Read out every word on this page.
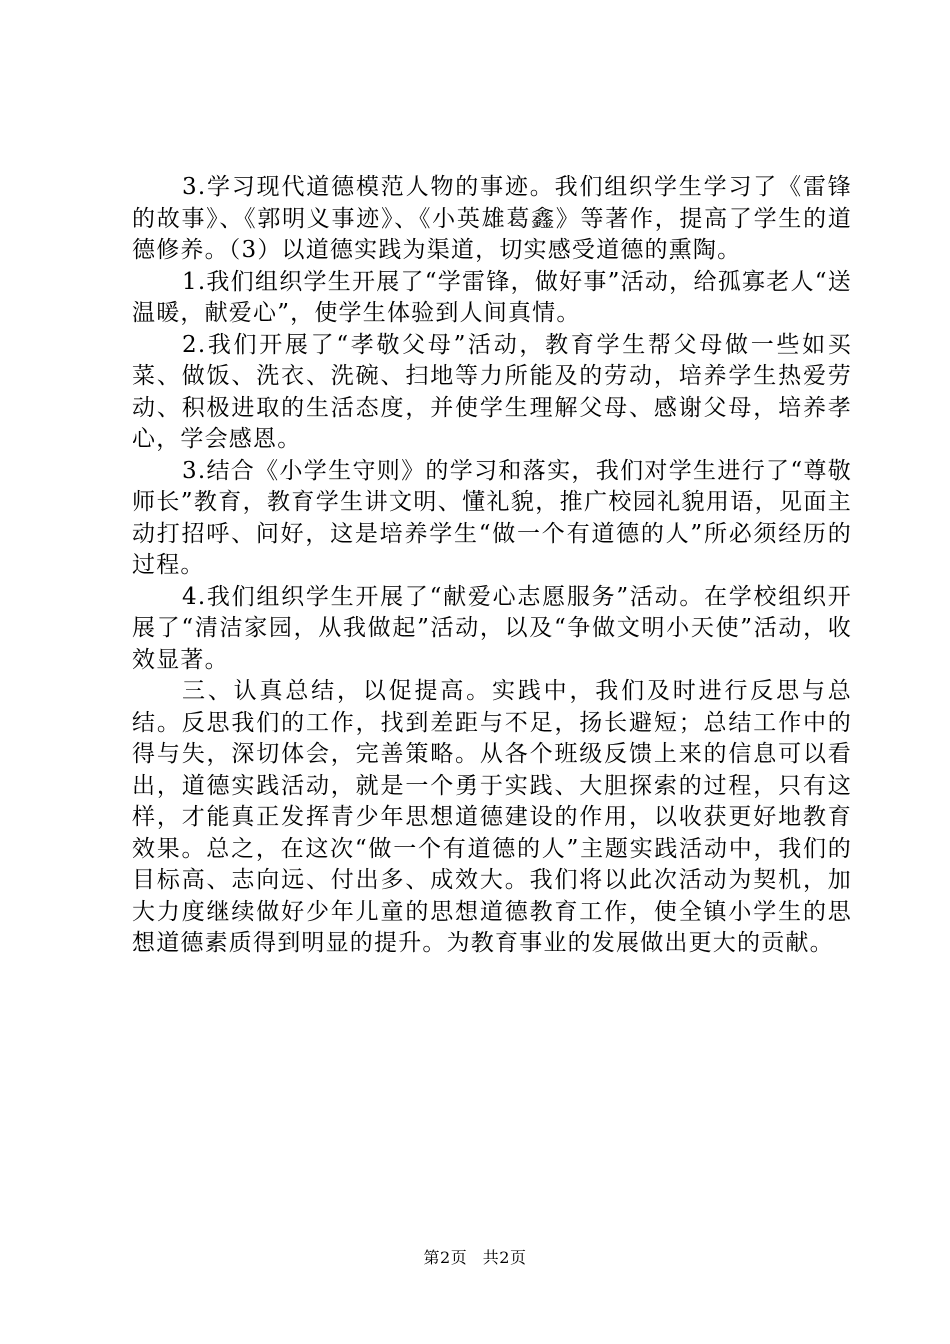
3.学习现代道德模范人物的事迹。我们组织学生学习了《雷锋的故事》、《郭明义事迹》、《小英雄葛鑫》等著作，提高了学生的道德修养。（3）以道德实践为渠道，切实感受道德的熏陶。

1.我们组织学生开展了“学雷锋，做好事”活动，给孤寡老人“送温暖，献爱心”，使学生体验到人间真情。

2.我们开展了“孝敬父母”活动，教育学生帮父母做一些如买菜、做饭、洗衣、洗碗、扫地等力所能及的劳动，培养学生热爱劳动、积极进取的生活态度，并使学生理解父母、感谢父母，培养孝心，学会感恩。

3.结合《小学生守则》的学习和落实，我们对学生进行了“尊敬师长”教育，教育学生讲文明、懂礼貌，推广校园礼貌用语，见面主动打招呼、问好，这是培养学生“做一个有道德的人”所必须经历的过程。

4.我们组织学生开展了“献爱心志愿服务”活动。在学校组织开展了“清洁家园，从我做起”活动，以及“争做文明小天使”活动，收效显著。

三、认真总结，以促提高。实践中，我们及时进行反思与总结。反思我们的工作，找到差距与不足，扬长避短；总结工作中的得与失，深切体会，完善策略。从各个班级反馈上来的信息可以看出，道德实践活动，就是一个勇于实践、大胆探索的过程，只有这样，才能真正发挥青少年思想道德建设的作用，以收获更好地教育效果。总之，在这次“做一个有道德的人”主题实践活动中，我们的目标高、志向远、付出多、成效大。我们将以此次活动为契机，加大力度继续做好少年儿童的思想道德教育工作，使全镇小学生的思想道德素质得到明显的提升。为教育事业的发展做出更大的贡献。

第2页 共2页
